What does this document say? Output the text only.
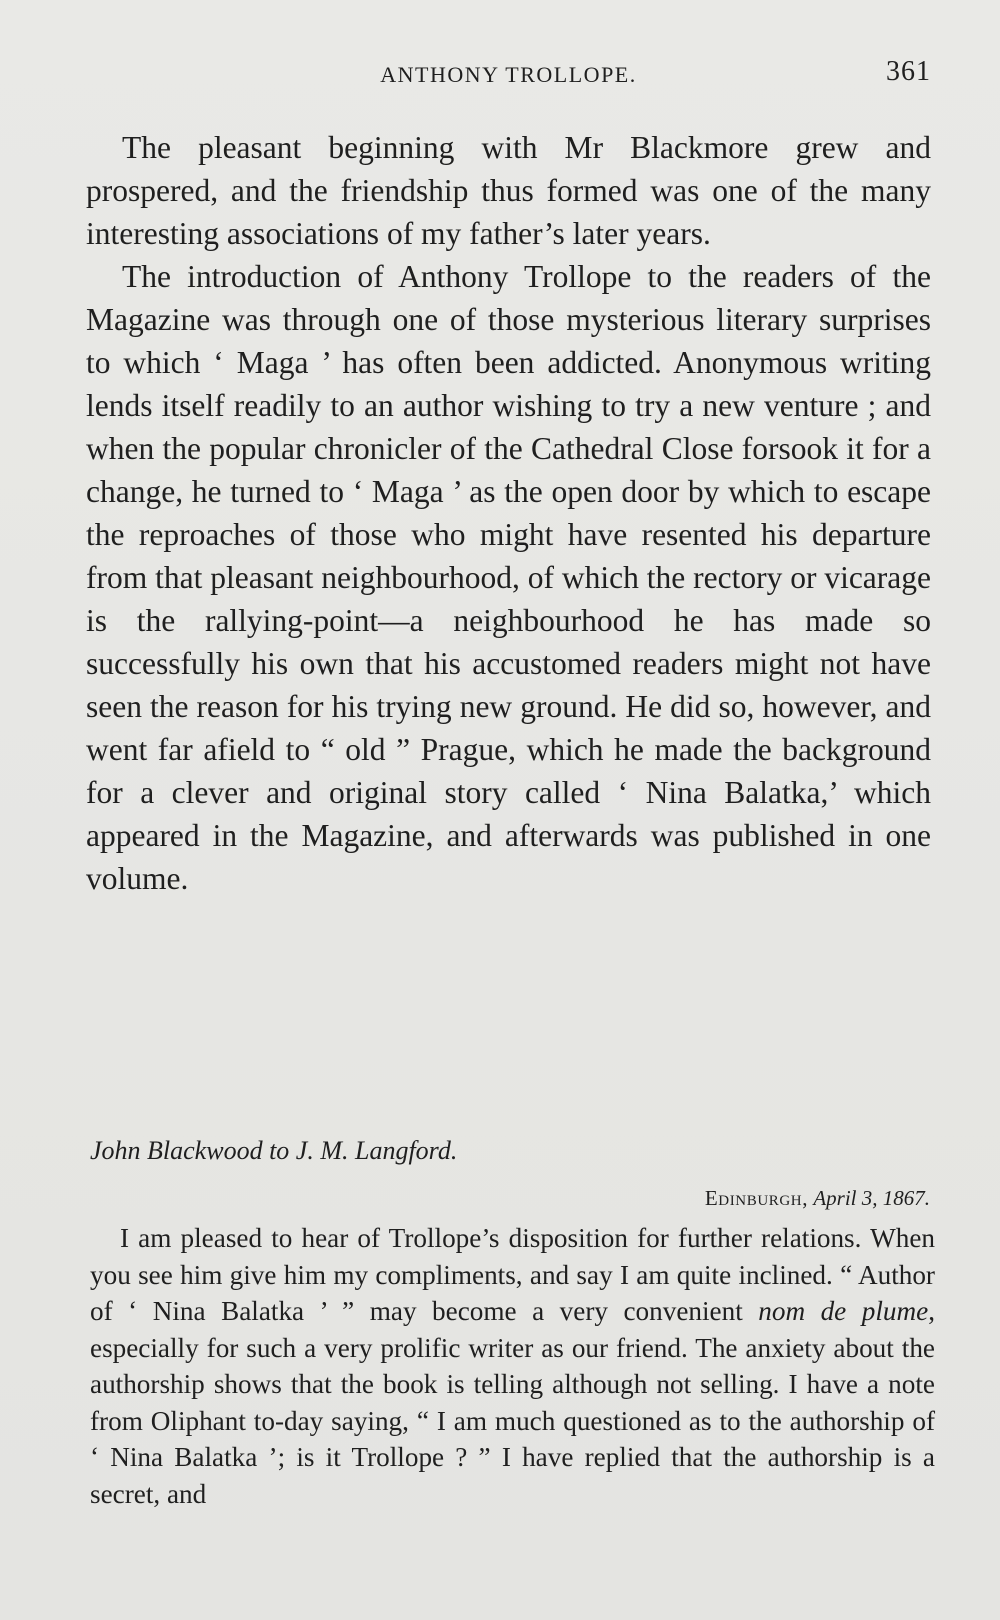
ANTHONY TROLLOPE.	361

The pleasant beginning with Mr Blackmore grew and prospered, and the friendship thus formed was one of the many interesting associations of my father’s later years.

The introduction of Anthony Trollope to the readers of the Magazine was through one of those mysterious literary surprises to which ‘ Maga ’ has often been addicted. Anonymous writing lends itself readily to an author wishing to try a new venture ; and when the popular chronicler of the Cathedral Close forsook it for a change, he turned to ‘ Maga ’ as the open door by which to escape the reproaches of those who might have resented his departure from that pleasant neighbourhood, of which the rectory or vicarage is the rallying-point—a neighbourhood he has made so successfully his own that his accustomed readers might not have seen the reason for his trying new ground. He did so, however, and went far afield to “ old ” Prague, which he made the background for a clever and original story called ‘ Nina Balatka,’ which appeared in the Magazine, and afterwards was published in one volume.

John Blackwood to J. M. Langford.
Edinburgh, April 3, 1867.

I am pleased to hear of Trollope’s disposition for further relations. When you see him give him my compliments, and say I am quite inclined. “ Author of ‘ Nina Balatka ’ ” may become a very convenient nom de plume, especially for such a very prolific writer as our friend. The anxiety about the authorship shows that the book is telling although not selling. I have a note from Oliphant to-day saying, “ I am much questioned as to the authorship of ‘ Nina Balatka ’; is it Trollope ? ” I have replied that the authorship is a secret, and
